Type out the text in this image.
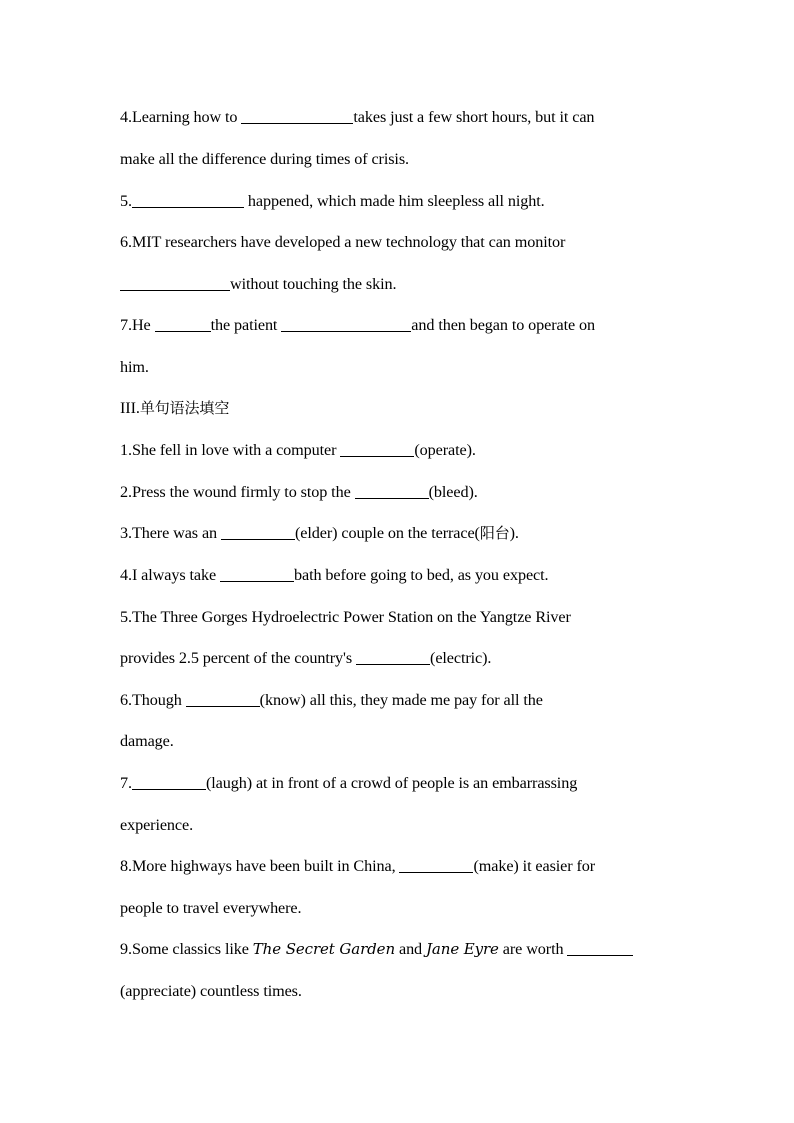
4.Learning how to	takes just a few short hours, but it can
make all the difference during times of crisis.
5.	happened, which made him sleepless all night.
6.MIT researchers have developed a new technology that can monitor
without touching the skin.
7.He	the patient	and then began to operate on
him.
III.单句语法填空
1.She fell in love with a computer	(operate).
2.Press the wound firmly to stop the	(bleed).
3.There was an	(elder) couple on the terrace(阳台).
4.I always take	bath before going to bed, as you expect.
5.The Three Gorges Hydroelectric Power Station on the Yangtze River
provides 2.5 percent of the country's	(electric).
6.Though	(know) all this, they made me pay for all the
damage.
7.	(laugh) at in front of a crowd of people is an embarrassing
experience.
8.More highways have been built in China,	(make) it easier for
people to travel everywhere.
9.Some classics like The Secret Garden and Jane Eyre are worth
(appreciate) countless times.
